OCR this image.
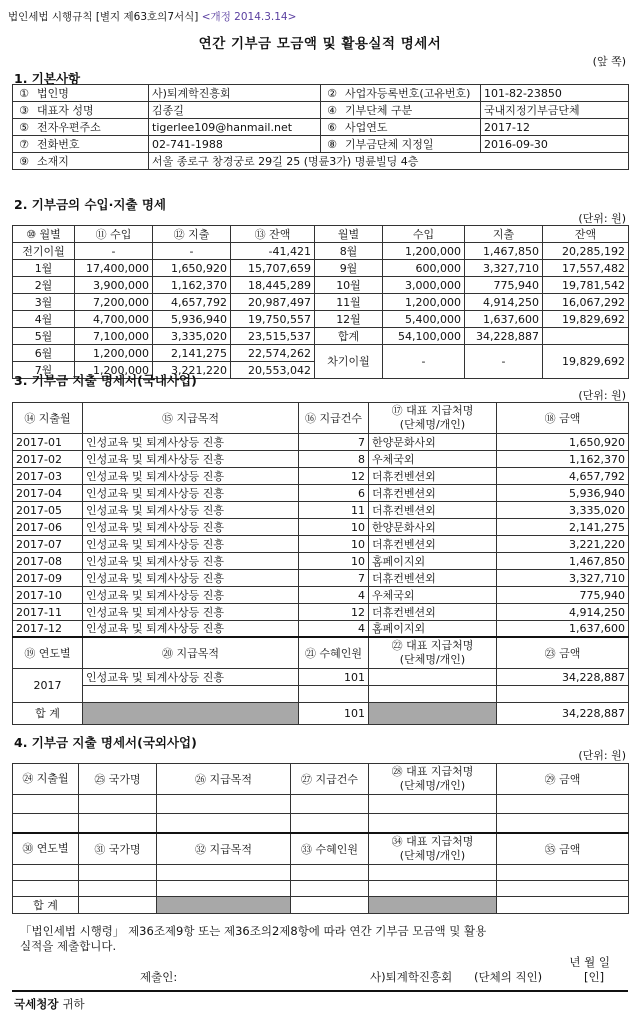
법인세법 시행규칙 [별지 제63호의7서식] <개정 2014.3.14>
연간 기부금 모금액 및 활용실적 명세서
(앞 쪽)
1. 기본사항
① 법인명	사)퇴계학진흥회	② 사업자등록번호(고유번호)	101-82-23850
③ 대표자 성명	김종길	④ 기부단체 구분	국내지정기부금단체
⑤ 전자우편주소	tigerlee109@hanmail.net	⑥ 사업연도	2017-12
⑦ 전화번호	02-741-1988	⑧ 기부금단체 지정일	2016-09-30
⑨ 소재지	서울 종로구 창경궁로 29길 25 (명륜3가) 명륜빌딩 4층
2. 기부금의 수입·지출 명세
(단위: 원)
⑩ 월별	⑪ 수입	⑫ 지출	⑬ 잔액	월별	수입	지출	잔액
전기이월	-	-	-41,421	8월	1,200,000	1,467,850	20,285,192
1월	17,400,000	1,650,920	15,707,659	9월	600,000	3,327,710	17,557,482
2월	3,900,000	1,162,370	18,445,289	10월	3,000,000	775,940	19,781,542
3월	7,200,000	4,657,792	20,987,497	11월	1,200,000	4,914,250	16,067,292
4월	4,700,000	5,936,940	19,750,557	12월	5,400,000	1,637,600	19,829,692
5월	7,100,000	3,335,020	23,515,537	합계	54,100,000	34,228,887	
6월	1,200,000	2,141,275	22,574,262	차기이월	-	-	19,829,692
7월	1,200,000	3,221,220	20,553,042
3. 기부금 지출 명세서(국내사업)
(단위: 원)
⑭ 지출월	⑮ 지급목적	⑯ 지급건수	⑰ 대표 지급처명
(단체명/개인)	⑱ 금액
2017-01	인성교육 및 퇴계사상등 진흥	7	한양문화사외	1,650,920
2017-02	인성교육 및 퇴계사상등 진흥	8	우체국외	1,162,370
2017-03	인성교육 및 퇴계사상등 진흥	12	더휴컨벤션외	4,657,792
2017-04	인성교육 및 퇴계사상등 진흥	6	더휴컨벤션외	5,936,940
2017-05	인성교육 및 퇴계사상등 진흥	11	더휴컨벤션외	3,335,020
2017-06	인성교육 및 퇴계사상등 진흥	10	한양문화사외	2,141,275
2017-07	인성교육 및 퇴계사상등 진흥	10	더휴컨벤션외	3,221,220
2017-08	인성교육 및 퇴계사상등 진흥	10	홈페이지외	1,467,850
2017-09	인성교육 및 퇴계사상등 진흥	7	더휴컨벤션외	3,327,710
2017-10	인성교육 및 퇴계사상등 진흥	4	우체국외	775,940
2017-11	인성교육 및 퇴계사상등 진흥	12	더휴컨벤션외	4,914,250
2017-12	인성교육 및 퇴계사상등 진흥	4	홈페이지외	1,637,600
⑲ 연도별	⑳ 지급목적	㉑ 수혜인원	㉒ 대표 지급처명
(단체명/개인)	㉓ 금액
2017	인성교육 및 퇴계사상등 진흥	101		34,228,887

합 계		101		34,228,887
4. 기부금 지출 명세서(국외사업)
(단위: 원)
㉔ 지출월	㉕ 국가명	㉖ 지급목적	㉗ 지급건수	㉘ 대표 지급처명
(단체명/개인)	㉙ 금액

㉚ 연도별	㉛ 국가명	㉜ 지급목적	㉝ 수혜인원	㉞ 대표 지급처명
(단체명/개인)	㉟ 금액

합 계					
「법인세법 시행령」 제36조제9항 또는 제36조의2제8항에 따라 연간 기부금 모금액 및 활용
실적을 제출합니다.
년 월 일
제출인:	사)퇴계학진흥회 (단체의 직인)	[인]
국세청장 귀하
